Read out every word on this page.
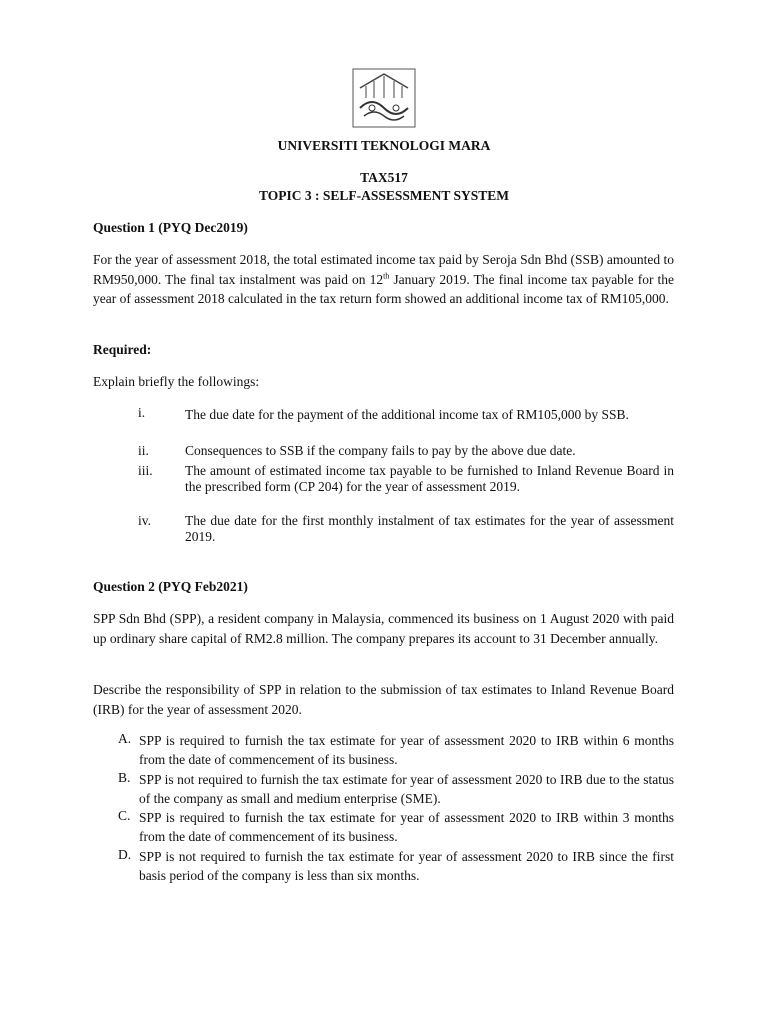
UNIVERSITI TEKNOLOGI MARA
TAX517
TOPIC 3 : SELF-ASSESSMENT SYSTEM
Question 1 (PYQ Dec2019)

For the year of assessment 2018, the total estimated income tax paid by Seroja Sdn Bhd (SSB) amounted to RM950,000. The final tax instalment was paid on 12th January 2019. The final income tax payable for the year of assessment 2018 calculated in the tax return form showed an additional income tax of RM105,000.

Required:

Explain briefly the followings:

i.	The due date for the payment of the additional income tax of RM105,000 by SSB.

ii.	Consequences to SSB if the company fails to pay by the above due date.

iii. The amount of estimated income tax payable to be furnished to Inland Revenue Board in the prescribed form (CP 204) for the year of assessment 2019.

iv.	The due date for the first monthly instalment of tax estimates for the year of assessment 2019.

Question 2 (PYQ Feb2021)

SPP Sdn Bhd (SPP), a resident company in Malaysia, commenced its business on 1 August 2020 with paid up ordinary share capital of RM2.8 million. The company prepares its account to 31 December annually.

Describe the responsibility of SPP in relation to the submission of tax estimates to Inland Revenue Board (IRB) for the year of assessment 2020.

A. SPP is required to furnish the tax estimate for year of assessment 2020 to IRB within 6 months from the date of commencement of its business.

B. SPP is not required to furnish the tax estimate for year of assessment 2020 to IRB due to the status of the company as small and medium enterprise (SME).

C. SPP is required to furnish the tax estimate for year of assessment 2020 to IRB within 3 months from the date of commencement of its business.

D. SPP is not required to furnish the tax estimate for year of assessment 2020 to IRB since the first basis period of the company is less than six months.
